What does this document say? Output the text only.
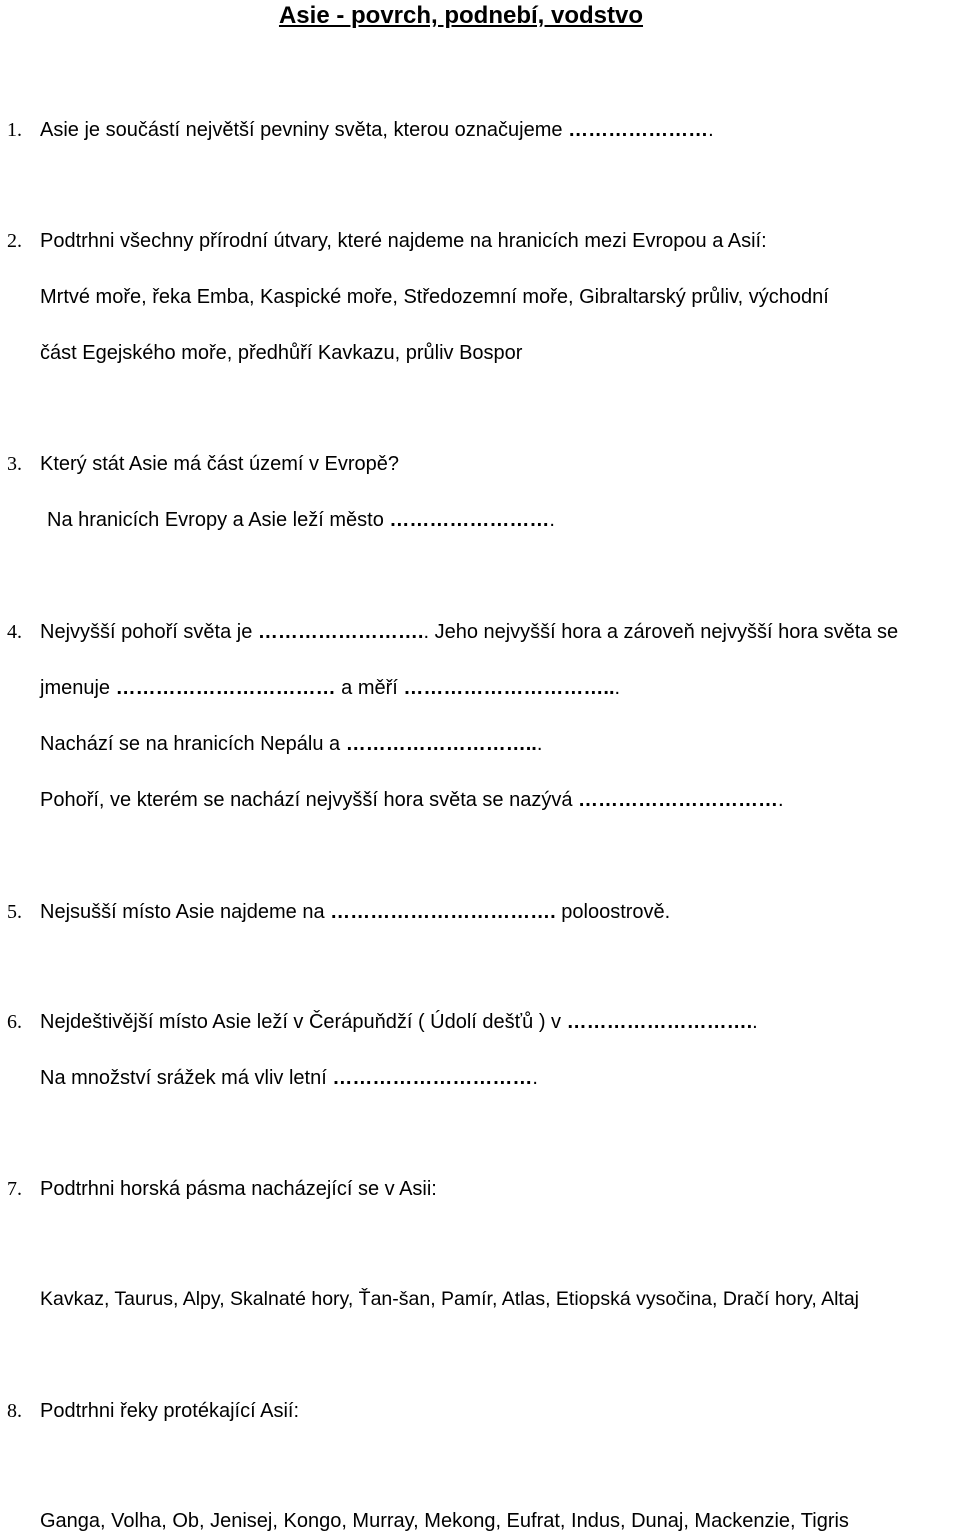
Asie - povrch, podnebí, vodstvo
1. Asie je součástí největší pevniny světa, kterou označujeme ………………….
2. Podtrhni všechny přírodní útvary, které najdeme na hranicích mezi Evropou a Asií:
Mrtvé moře, řeka Emba, Kaspické moře, Středozemní moře, Gibraltarský průliv, východní
část Egejského moře, předhůří Kavkazu, průliv Bospor
3. Který stát Asie má část území v Evropě?
Na hranicích Evropy a Asie leží město …………………….
4. Nejvyšší pohoří světa je …………………….. Jeho nejvyšší hora a zároveň nejvyšší hora světa se
jmenuje …………………………… a měří …………………………...
Nachází se na hranicích Nepálu a ………………………...
Pohoří, ve kterém se nachází nejvyšší hora světa se nazývá ………………………….
5. Nejsušší místo Asie najdeme na ……………………………. poloostrově.
6. Nejdeštivější místo Asie leží v Čerápuňdží ( Údolí dešťů ) v ………………………..
Na množství srážek má vliv letní ………………………….
7. Podtrhni horská pásma nacházející se v Asii:
Kavkaz, Taurus, Alpy, Skalnaté hory, Ťan-šan, Pamír, Atlas, Etiopská vysočina, Dračí hory, Altaj
8. Podtrhni řeky protékající Asií:
Ganga, Volha, Ob, Jenisej, Kongo, Murray, Mekong, Eufrat, Indus, Dunaj, Mackenzie, Tigris
